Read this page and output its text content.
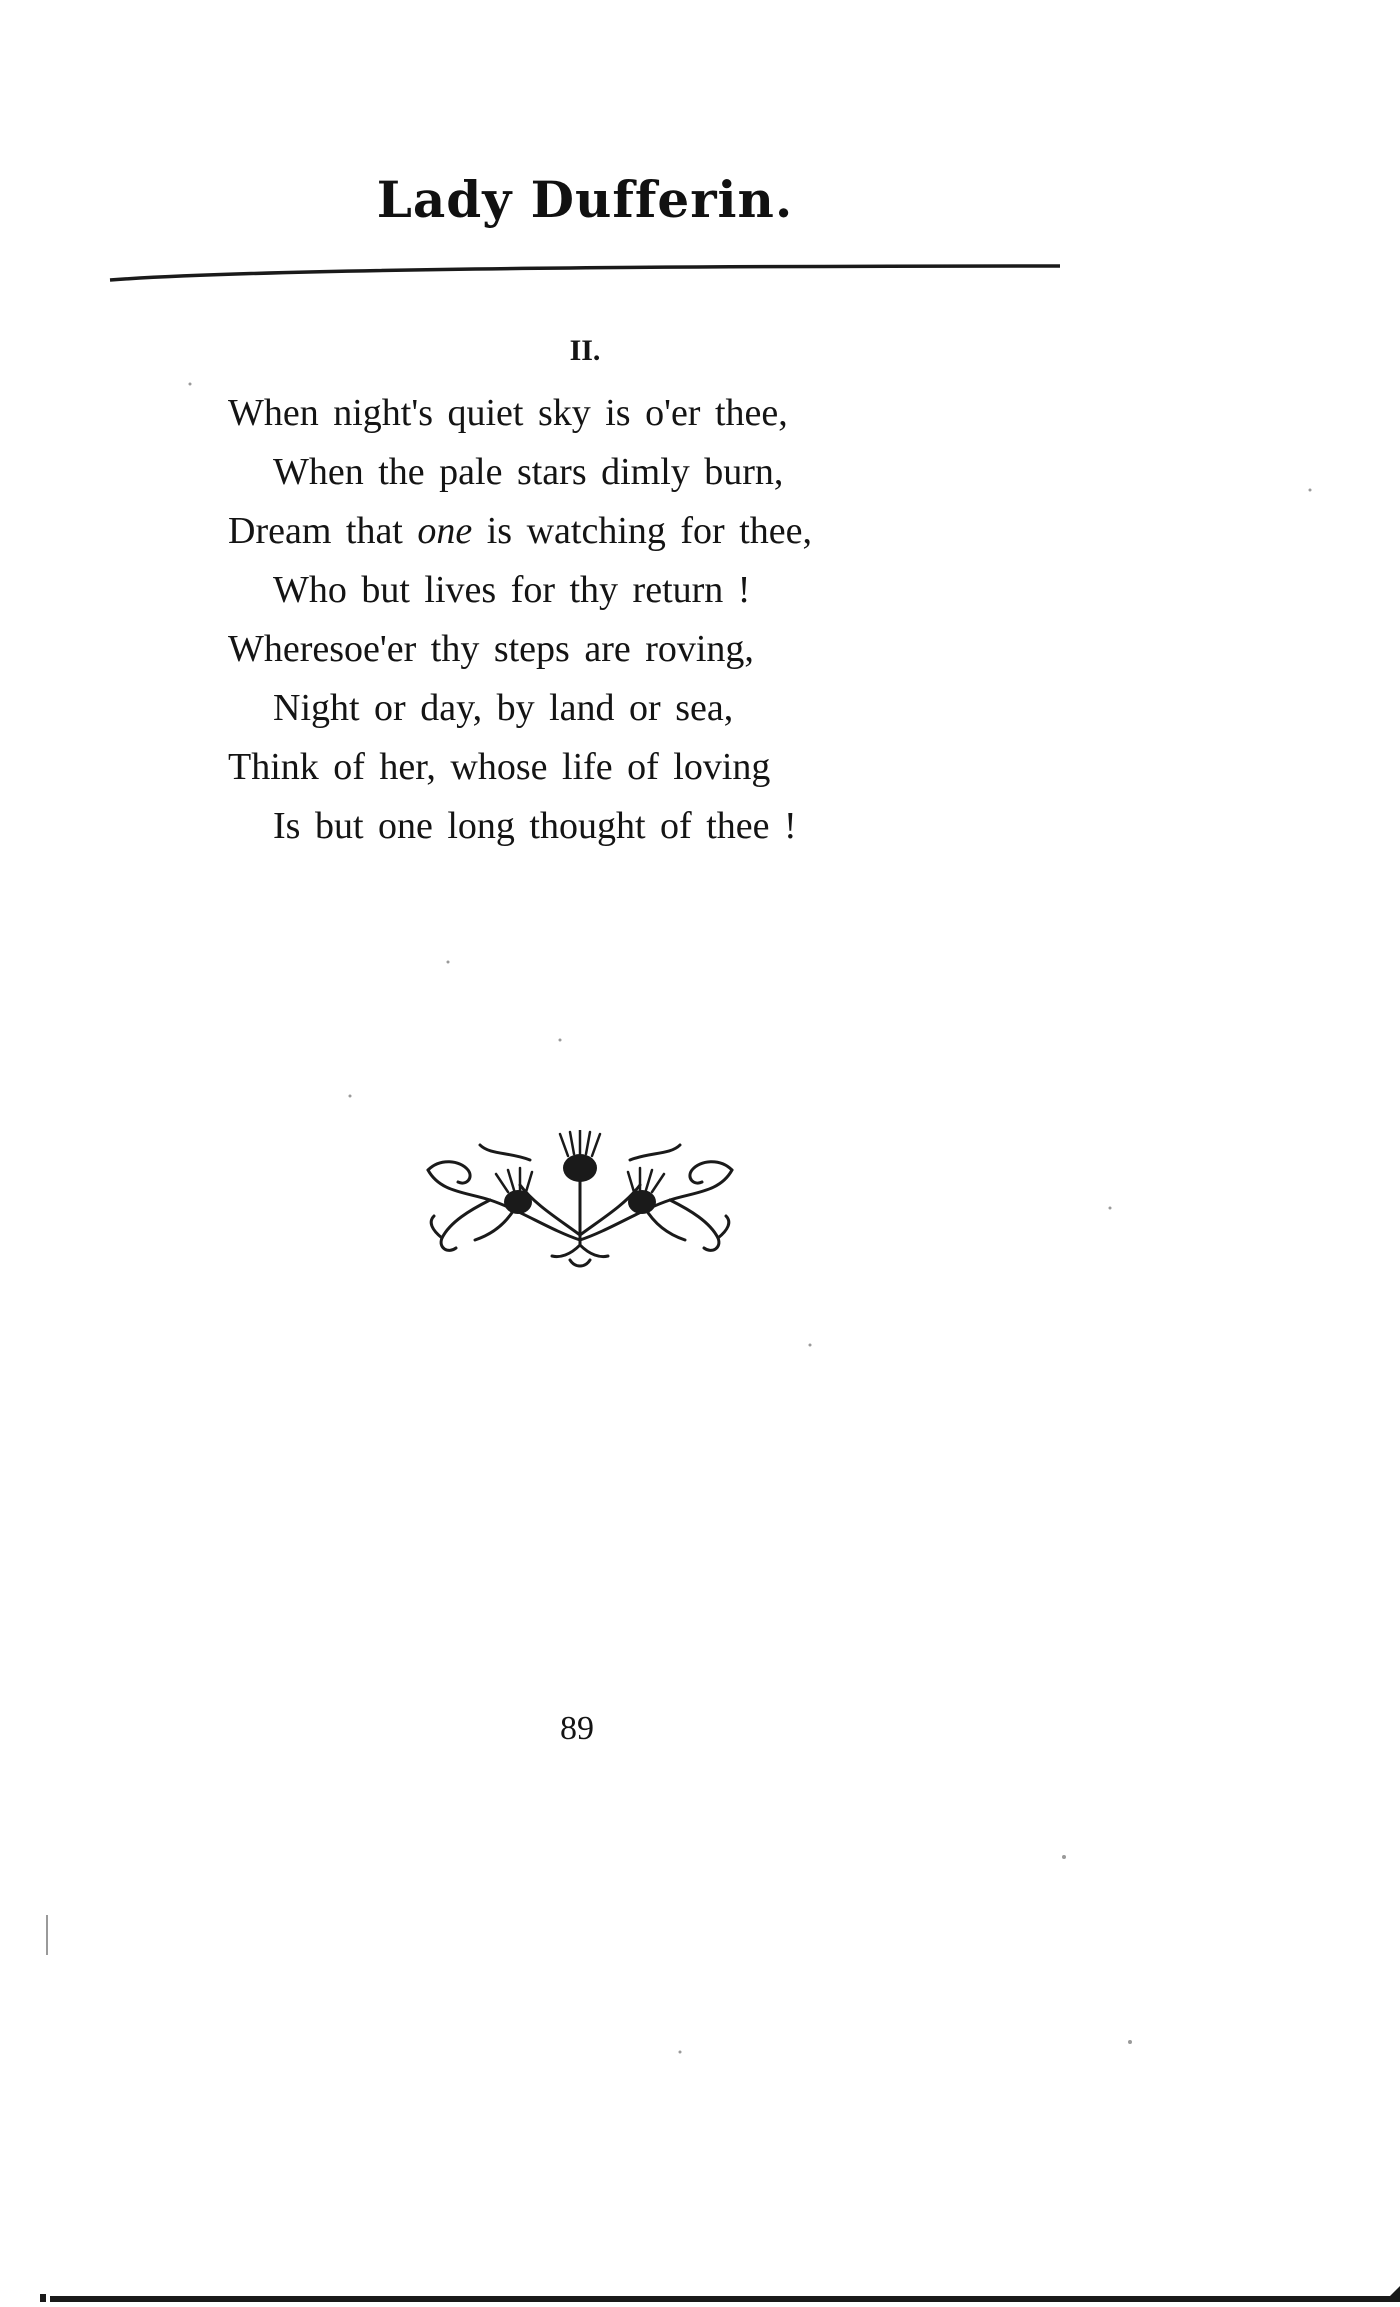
Lady Dufferin.
II.
When night's quiet sky is o'er thee,
When the pale stars dimly burn,
Dream that one is watching for thee,
Who but lives for thy return !
Wheresoe'er thy steps are roving,
Night or day, by land or sea,
Think of her, whose life of loving
Is but one long thought of thee !
89
